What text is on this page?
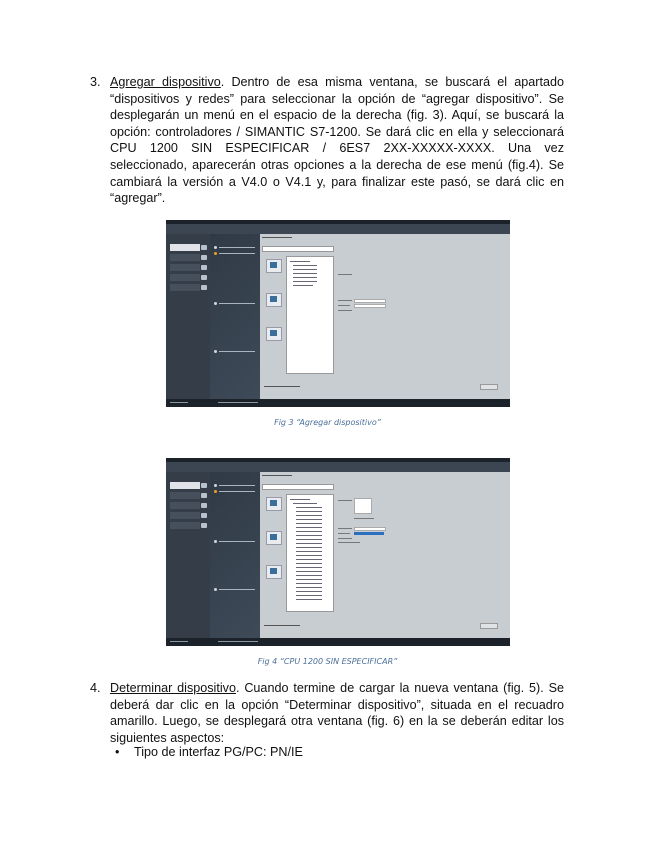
3. Agregar dispositivo. Dentro de esa misma ventana, se buscará el apartado “dispositivos y redes” para seleccionar la opción de “agregar dispositivo”. Se desplegarán un menú en el espacio de la derecha (fig. 3). Aquí, se buscará la opción: controladores / SIMANTIC S7-1200. Se dará clic en ella y seleccionará CPU 1200 SIN ESPECIFICAR / 6ES7 2XX-XXXXX-XXXX. Una vez seleccionado, aparecerán otras opciones a la derecha de ese menú (fig.4). Se cambiará la versión a V4.0 o V4.1 y, para finalizar este pasó, se dará clic en “agregar”.
Fig 3 “Agregar dispositivo”
Fig 4 “CPU 1200 SIN ESPECIFICAR”
4. Determinar dispositivo. Cuando termine de cargar la nueva ventana (fig. 5). Se deberá dar clic en la opción “Determinar dispositivo”, situada en el recuadro amarillo. Luego, se desplegará otra ventana (fig. 6) en la se deberán editar los siguientes aspectos:
• Tipo de interfaz PG/PC: PN/IE
